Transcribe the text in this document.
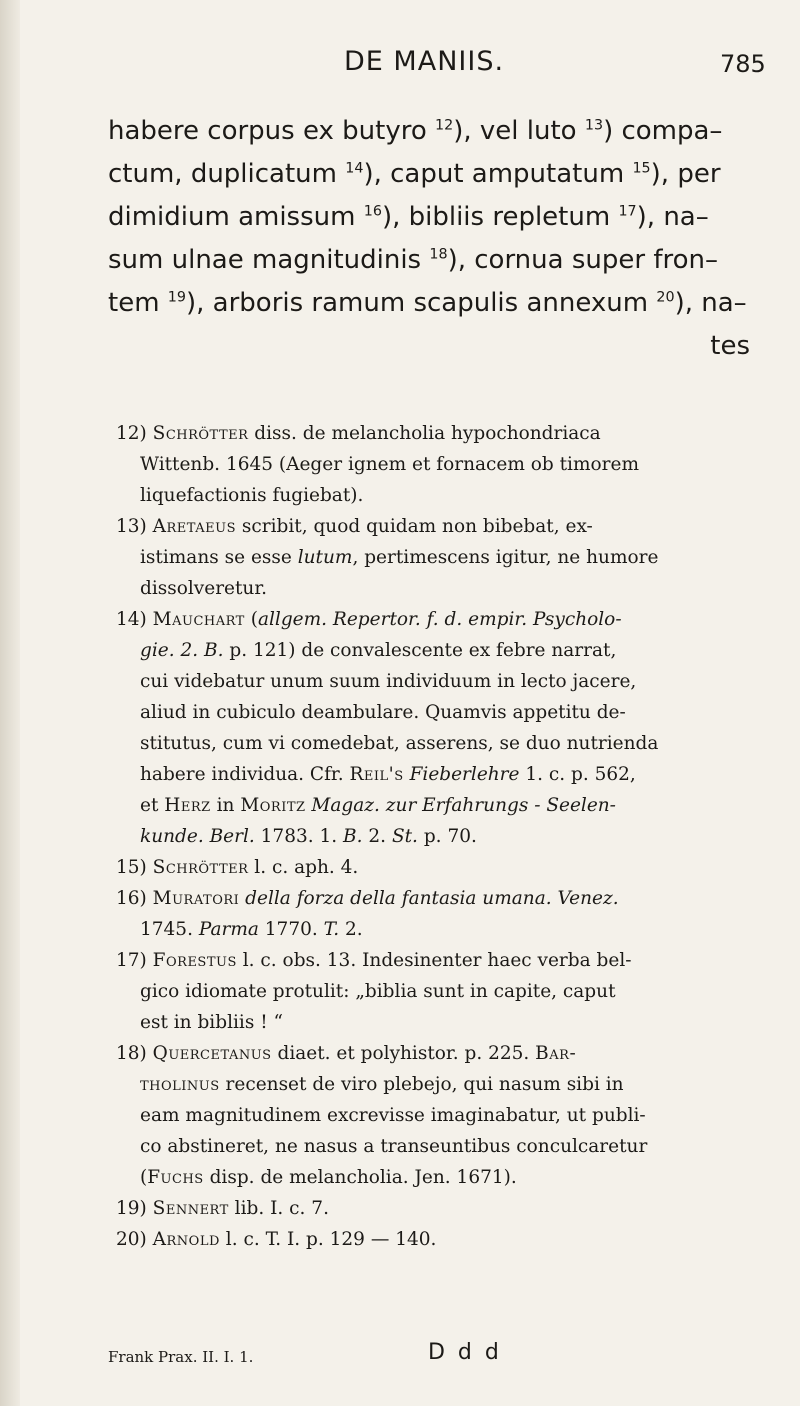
DE MANIIS.	785
habere corpus ex butyro $^{12}$), vel luto $^{13}$) compa–
ctum, duplicatum $^{14}$), caput amputatum $^{15}$), per
dimidium amissum $^{16}$), bibliis repletum $^{17}$), na–
sum ulnae magnitudinis $^{18}$), cornua super fron–
tem $^{19}$), arboris ramum scapulis annexum $^{20}$), na–
tes
12) Schrötter diss. de melancholia hypochondriaca
Wittenb. 1645 (Aeger ignem et fornacem ob timorem
liquefactionis fugiebat).
13) Aretaeus scribit, quod quidam non bibebat, ex-
istimans se esse lutum, pertimescens igitur, ne humore
dissolveretur.
14) Mauchart (allgem. Repertor. f. d. empir. Psycholo-
gie. 2. B. p. 121) de convalescente ex febre narrat,
cui videbatur unum suum individuum in lecto jacere,
aliud in cubiculo deambulare. Quamvis appetitu de-
stitutus, cum vi comedebat, asserens, se duo nutrienda
habere individua. Cfr. Reil's Fieberlehre 1. c. p. 562,
et Herz in Moritz Magaz. zur Erfahrungs - Seelen-
kunde. Berl. 1783. 1. B. 2. St. p. 70.
15) Schrötter l. c. aph. 4.
16) Muratori della forza della fantasia umana. Venez.
1745. Parma 1770. T. 2.
17) Forestus l. c. obs. 13. Indesinenter haec verba bel-
gico idiomate protulit: „biblia sunt in capite, caput
est in bibliis ! “
18) Quercetanus diaet. et polyhistor. p. 225. Bar-
tholinus recenset de viro plebejo, qui nasum sibi in
eam magnitudinem excrevisse imaginabatur, ut publi-
co abstineret, ne nasus a transeuntibus conculcaretur
(Fuchs disp. de melancholia. Jen. 1671).
19) Sennert lib. I. c. 7.
20) Arnold l. c. T. I. p. 129 — 140.
Frank Prax. II. I. 1.	D d d
